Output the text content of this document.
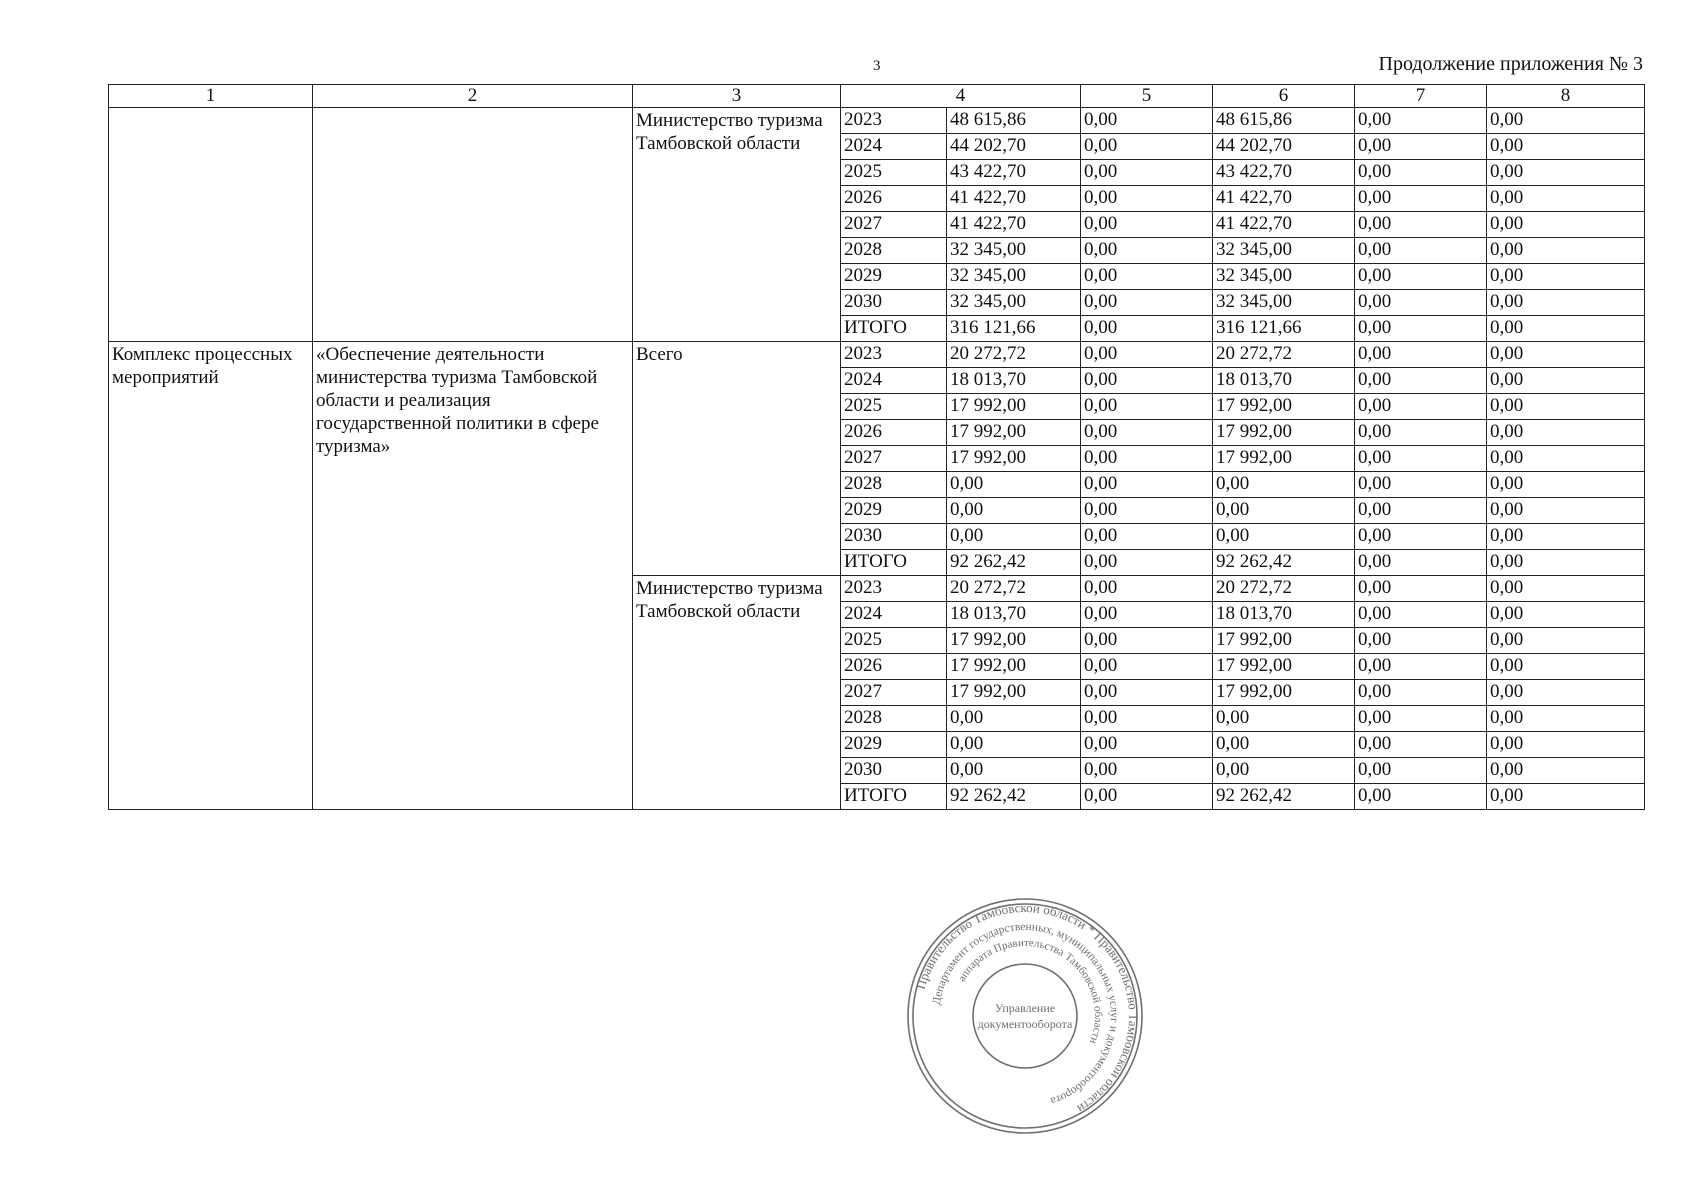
3	Продолжение приложения № 3
1	2	3	4		5	6	7	8
		Министерство туризма Тамбовской области	2023	48 615,86	0,00	48 615,86	0,00	0,00
			2024	44 202,70	0,00	44 202,70	0,00	0,00
			2025	43 422,70	0,00	43 422,70	0,00	0,00
			2026	41 422,70	0,00	41 422,70	0,00	0,00
			2027	41 422,70	0,00	41 422,70	0,00	0,00
			2028	32 345,00	0,00	32 345,00	0,00	0,00
			2029	32 345,00	0,00	32 345,00	0,00	0,00
			2030	32 345,00	0,00	32 345,00	0,00	0,00
			ИТОГО	316 121,66	0,00	316 121,66	0,00	0,00
Комплекс процессных мероприятий	«Обеспечение деятельности министерства туризма Тамбовской области и реализация государственной политики в сфере туризма»	Всего	2023	20 272,72	0,00	20 272,72	0,00	0,00
			2024	18 013,70	0,00	18 013,70	0,00	0,00
			2025	17 992,00	0,00	17 992,00	0,00	0,00
			2026	17 992,00	0,00	17 992,00	0,00	0,00
			2027	17 992,00	0,00	17 992,00	0,00	0,00
			2028	0,00	0,00	0,00	0,00	0,00
			2029	0,00	0,00	0,00	0,00	0,00
			2030	0,00	0,00	0,00	0,00	0,00
			ИТОГО	92 262,42	0,00	92 262,42	0,00	0,00
		Министерство туризма Тамбовской области	2023	20 272,72	0,00	20 272,72	0,00	0,00
			2024	18 013,70	0,00	18 013,70	0,00	0,00
			2025	17 992,00	0,00	17 992,00	0,00	0,00
			2026	17 992,00	0,00	17 992,00	0,00	0,00
			2027	17 992,00	0,00	17 992,00	0,00	0,00
			2028	0,00	0,00	0,00	0,00	0,00
			2029	0,00	0,00	0,00	0,00	0,00
			2030	0,00	0,00	0,00	0,00	0,00
			ИТОГО	92 262,42	0,00	92 262,42	0,00	0,00
Правительство Тамбовской области * Правительство Тамбовской области
Департамент государственных, муниципальных услуг и документооборота
аппарата Правительства Тамбовской области
Управление
документооборота
